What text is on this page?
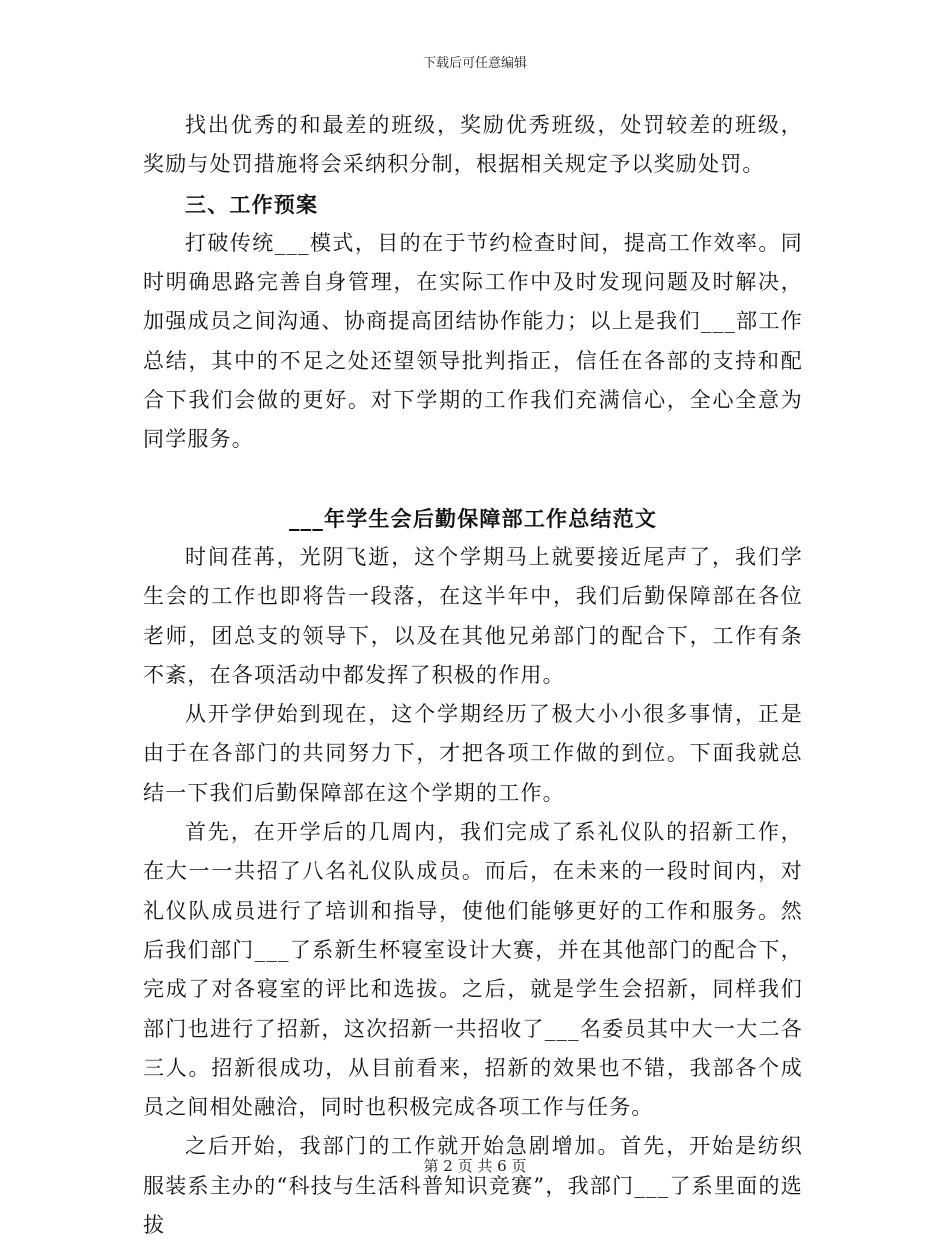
下载后可任意编辑

找出优秀的和最差的班级，奖励优秀班级，处罚较差的班级，奖励与处罚措施将会采纳积分制，根据相关规定予以奖励处罚。

三、工作预案

打破传统___模式，目的在于节约检查时间，提高工作效率。同时明确思路完善自身管理，在实际工作中及时发现问题及时解决，加强成员之间沟通、协商提高团结协作能力；以上是我们___部工作总结，其中的不足之处还望领导批判指正，信任在各部的支持和配合下我们会做的更好。对下学期的工作我们充满信心，全心全意为同学服务。

___年学生会后勤保障部工作总结范文

时间荏苒，光阴飞逝，这个学期马上就要接近尾声了，我们学生会的工作也即将告一段落，在这半年中，我们后勤保障部在各位老师，团总支的领导下，以及在其他兄弟部门的配合下，工作有条不紊，在各项活动中都发挥了积极的作用。

从开学伊始到现在，这个学期经历了极大小小很多事情，正是由于在各部门的共同努力下，才把各项工作做的到位。下面我就总结一下我们后勤保障部在这个学期的工作。

首先，在开学后的几周内，我们完成了系礼仪队的招新工作，在大一一共招了八名礼仪队成员。而后，在未来的一段时间内，对礼仪队成员进行了培训和指导，使他们能够更好的工作和服务。然后我们部门___了系新生杯寝室设计大赛，并在其他部门的配合下，完成了对各寝室的评比和选拔。之后，就是学生会招新，同样我们部门也进行了招新，这次招新一共招收了___名委员其中大一大二各三人。招新很成功，从目前看来，招新的效果也不错，我部各个成员之间相处融洽，同时也积极完成各项工作与任务。

之后开始，我部门的工作就开始急剧增加。首先，开始是纺织服装系主办的“科技与生活科普知识竞赛”，我部门___了系里面的选拔

第 2 页 共 6 页
